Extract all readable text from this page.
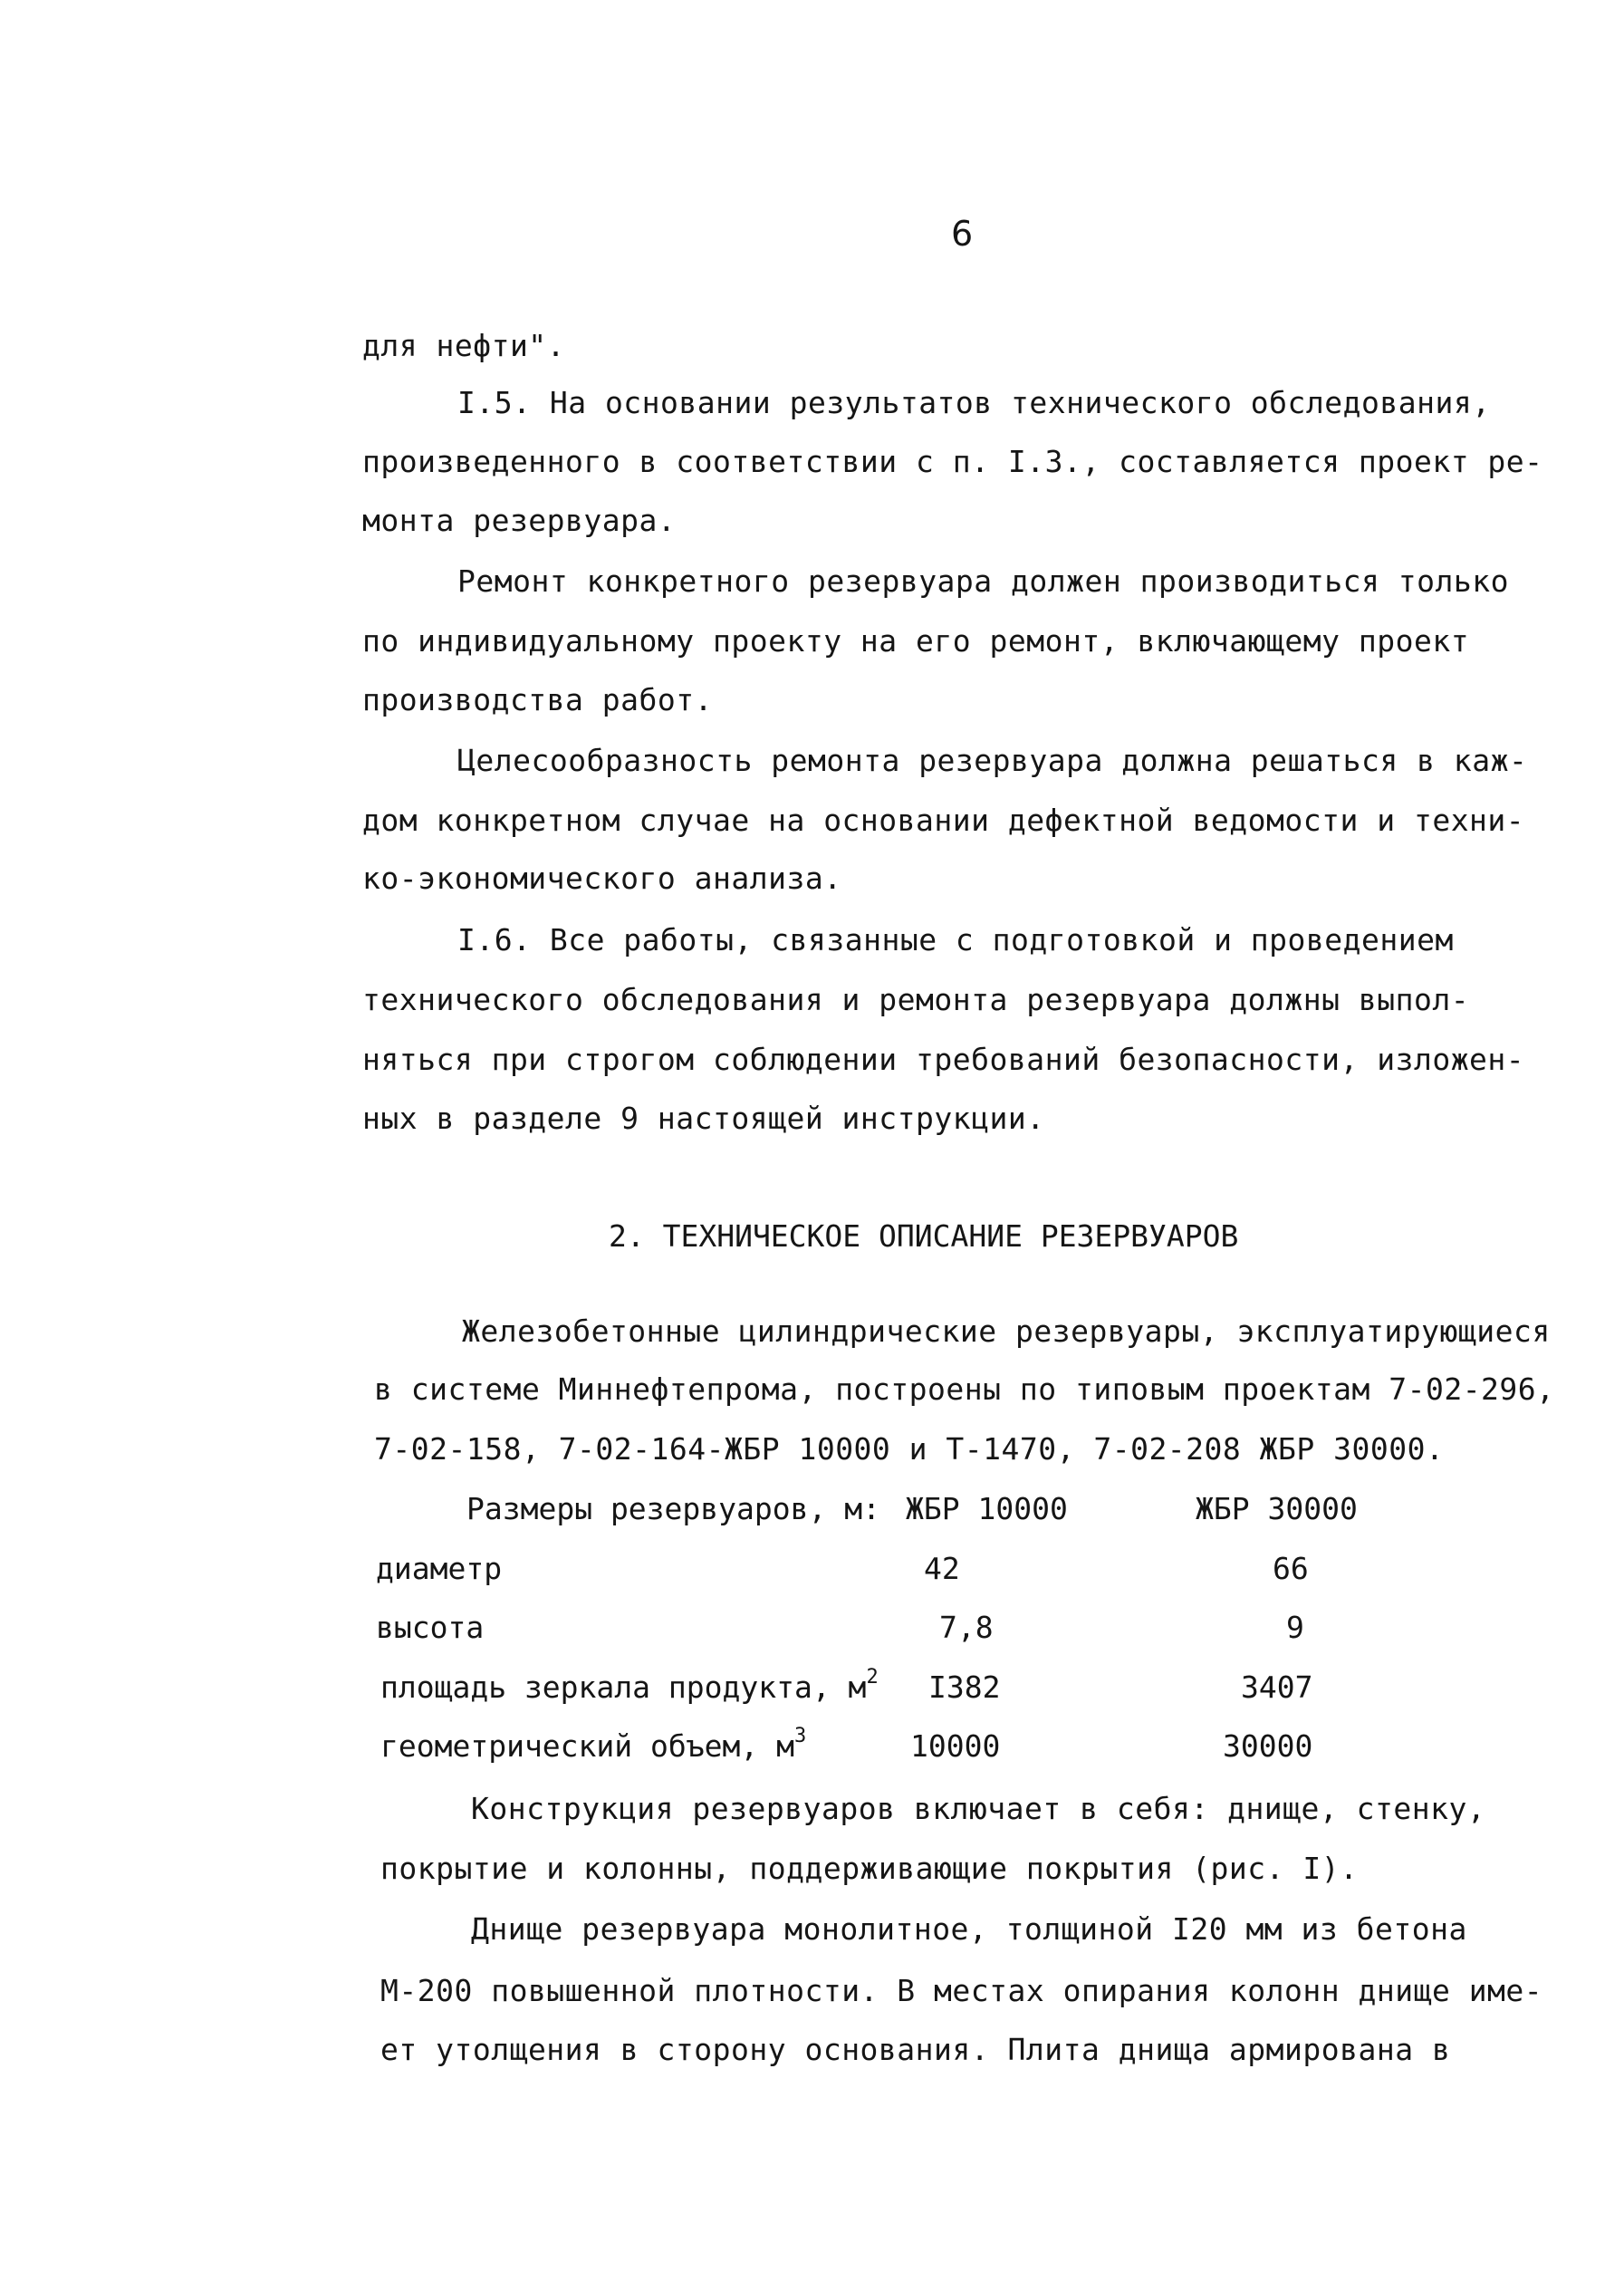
6
для нефти".
I.5. На основании результатов технического обследования,
произведенного в соответствии с п. I.3., составляется проект ре-
монта резервуара.
Ремонт конкретного резервуара должен производиться только
по индивидуальному проекту на его ремонт, включающему проект
производства работ.
Целесообразность ремонта резервуара должна решаться в каж-
дом конкретном случае на основании дефектной ведомости и техни-
ко-экономического анализа.
I.6. Все работы, связанные с подготовкой и проведением
технического обследования и ремонта резервуара должны выпол-
няться при строгом соблюдении требований безопасности, изложен-
ных в разделе 9 настоящей инструкции.
2. ТЕХНИЧЕСКОЕ ОПИСАНИЕ РЕЗЕРВУАРОВ
Железобетонные цилиндрические резервуары, эксплуатирующиеся
в системе Миннефтепрома, построены по типовым проектам 7-02-296,
7-02-158, 7-02-164-ЖБР 10000 и Т-1470, 7-02-208 ЖБР 30000.
Размеры резервуаров, м: ЖБР 10000	ЖБР 30000
диаметр	42	66
высота	7,8	9
площадь зеркала продукта, $м^2$ I382	3407
геометрический объем, $м^3$	10000	30000
Конструкция резервуаров включает в себя: днище, стенку,
покрытие и колонны, поддерживающие покрытия (рис. I).
Днище резервуара монолитное, толщиной I20 мм из бетона
М-200 повышенной плотности. В местах опирания колонн днище име-
ет утолщения в сторону основания. Плита днища армирована в
